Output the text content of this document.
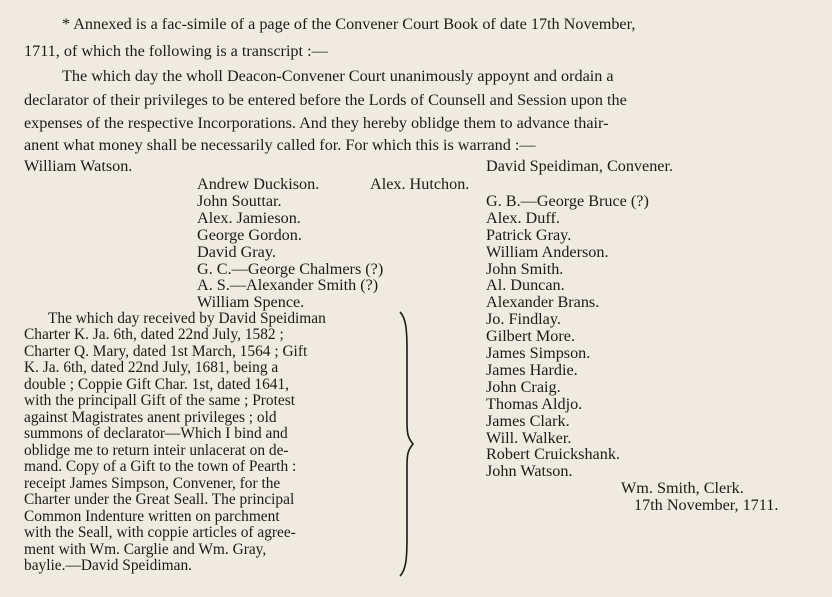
* Annexed is a fac-simile of a page of the Convener Court Book of date 17th November,
1711, of which the following is a transcript :—
The which day the wholl Deacon-Convener Court unanimously appoynt and ordain a
declarator of their privileges to be entered before the Lords of Counsell and Session upon the
expenses of the respective Incorporations. And they hereby oblidge them to advance thair-
anent what money shall be necessarily called for. For which this is warrand :—
William Watson.	David Speidiman, Convener.
Andrew Duckison.	Alex. Hutchon.
John Souttar.
Alex. Jamieson.
George Gordon.
David Gray.
G. C.—George Chalmers (?)
A. S.—Alexander Smith (?)
William Spence.
G. B.—George Bruce (?)
Alex. Duff.
Patrick Gray.
William Anderson.
John Smith.
Al. Duncan.
Alexander Brans.
Jo. Findlay.
Gilbert More.
James Simpson.
James Hardie.
John Craig.
Thomas Aldjo.
James Clark.
Will. Walker.
Robert Cruickshank.
John Watson.
The which day received by David Speidiman
Charter K. Ja. 6th, dated 22nd July, 1582 ;
Charter Q. Mary, dated 1st March, 1564 ; Gift
K. Ja. 6th, dated 22nd July, 1681, being a
double ; Coppie Gift Char. 1st, dated 1641,
with the principall Gift of the same ; Protest
against Magistrates anent privileges ; old
summons of declarator—Which I bind and
oblidge me to return inteir unlacerat on de-
mand. Copy of a Gift to the town of Pearth :
receipt James Simpson, Convener, for the
Charter under the Great Seall. The principal
Common Indenture written on parchment
with the Seall, with coppie articles of agree-
ment with Wm. Carglie and Wm. Gray,
baylie.—David Speidiman.
Wm. Smith, Clerk.
17th November, 1711.
